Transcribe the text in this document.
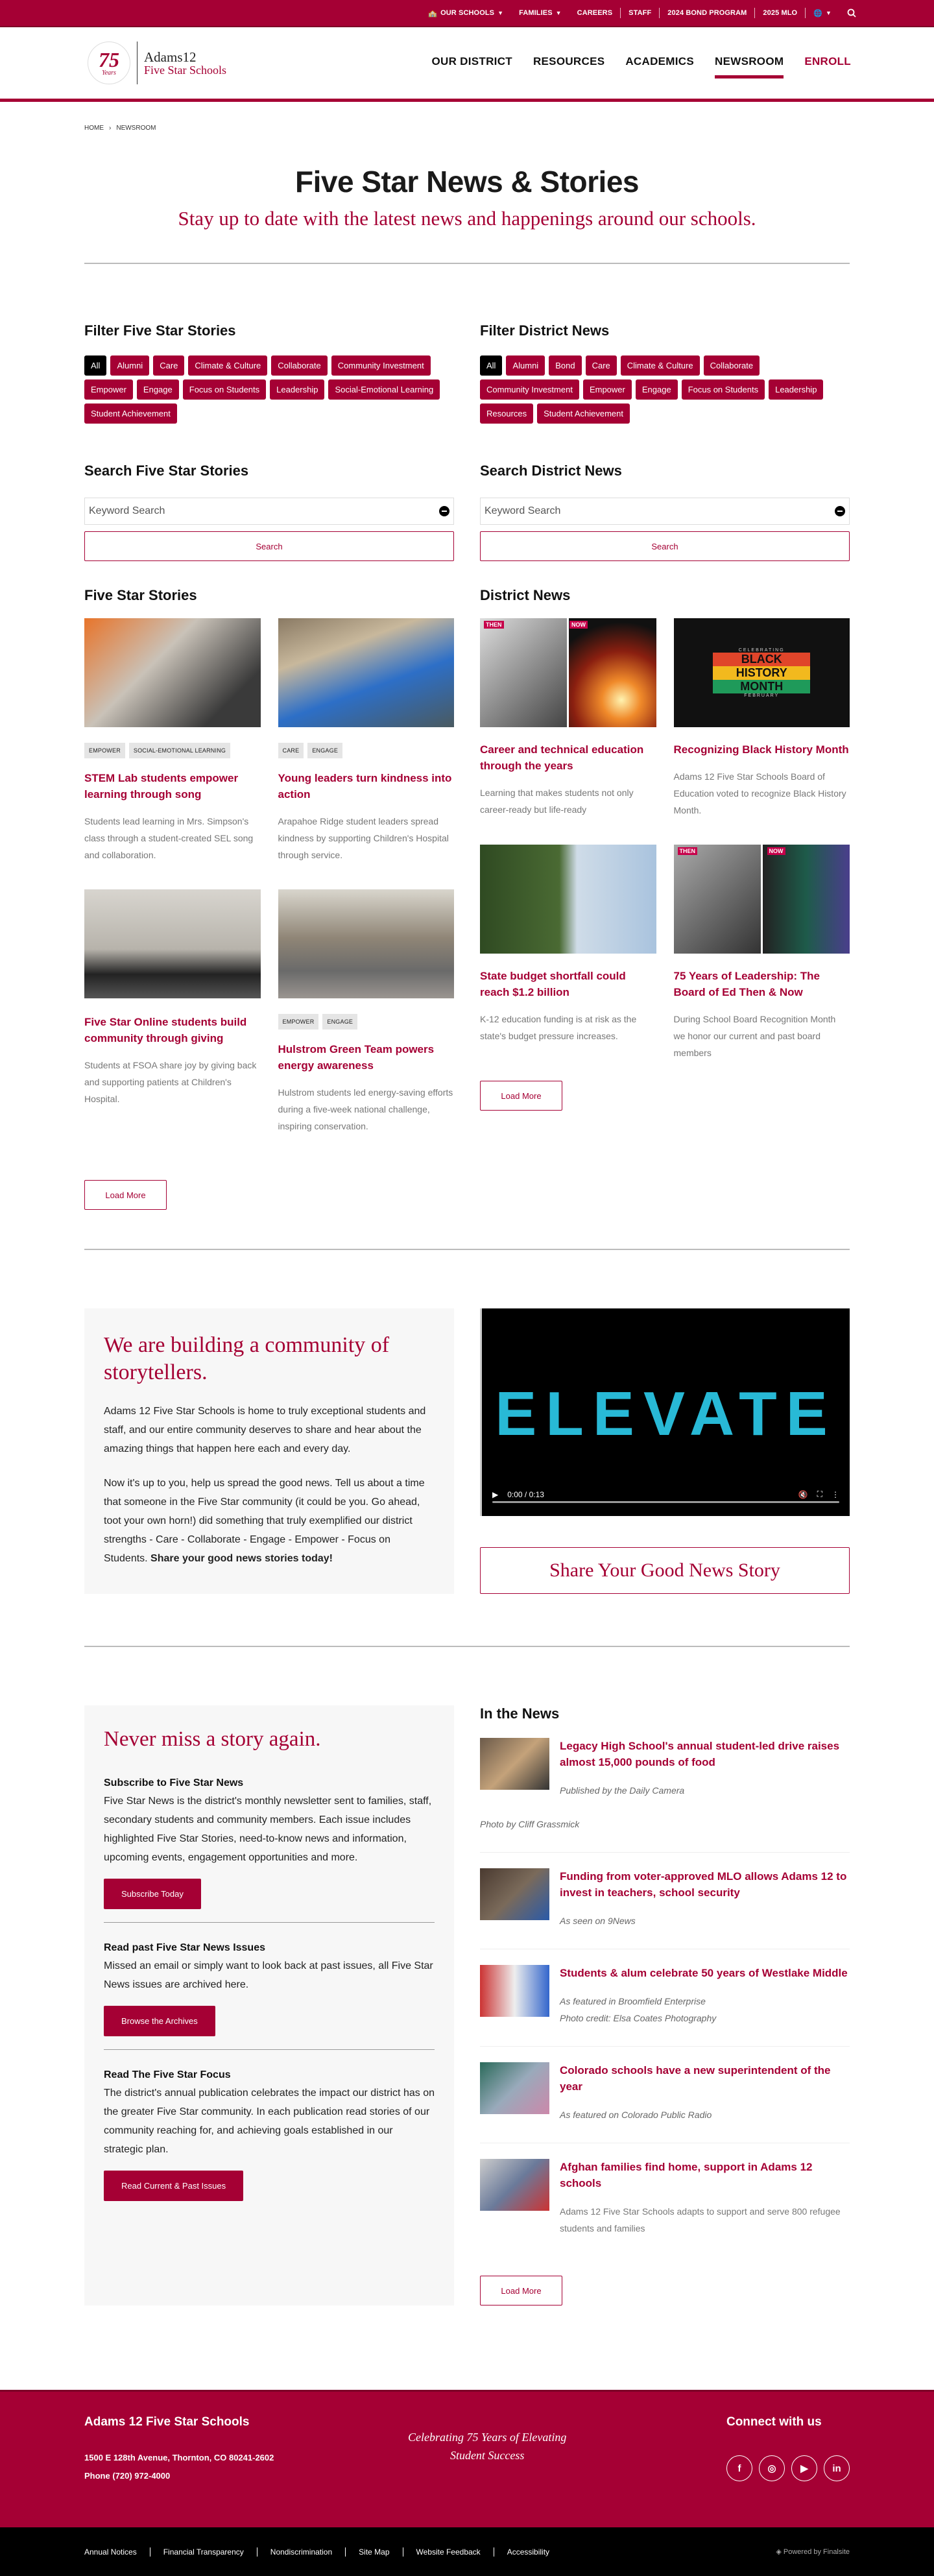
🏫 OUR SCHOOLS ▼ FAMILIES ▼	CAREERS	STAFF	2024 BOND PROGRAM	2025 MLO	🌐 ▼
75
Years
Adams12
Five Star Schools
OUR DISTRICT RESOURCES ACADEMICS NEWSROOM ENROLL
HOME › NEWSROOM
Five Star News & Stories

Stay up to date with the latest news and happenings around our schools.

Filter Five Star Stories
All	Alumni	Care	Climate & Culture	Collaborate	Community Investment
Empower	Engage	Focus on Students	Leadership	Social-Emotional Learning
Student Achievement
Search Five Star Stories
Keyword Search
Search
Filter District News
All	Alumni	Bond	Care	Climate & Culture	Collaborate
Community Investment	Empower	Engage	Focus on Students	Leadership
Resources	Student Achievement
Search District News
Keyword Search
Search
Five Star Stories
EMPOWER	SOCIAL-EMOTIONAL LEARNING
STEM Lab students empower learning through song

Students lead learning in Mrs. Simpson's class through a student-created SEL song and collaboration.

CARE	ENGAGE
Young leaders turn kindness into action

Arapahoe Ridge student leaders spread kindness by supporting Children's Hospital through service.

Five Star Online students build community through giving

Students at FSOA share joy by giving back and supporting patients at Children's Hospital.

EMPOWER	ENGAGE
Hulstrom Green Team powers energy awareness

Hulstrom students led energy-saving efforts during a five-week national challenge, inspiring conservation.

Load More
District News
THEN	NOW
Career and technical education through the years

Learning that makes students not only career-ready but life-ready

CELEBRATING
BLACK
HISTORY
MONTH
FEBRUARY
Recognizing Black History Month

Adams 12 Five Star Schools Board of Education voted to recognize Black History Month.

State budget shortfall could reach $1.2 billion

K-12 education funding is at risk as the state's budget pressure increases.

THEN	NOW
75 Years of Leadership: The Board of Ed Then & Now

During School Board Recognition Month we honor our current and past board members

Load More
We are building a community of storytellers.

Adams 12 Five Star Schools is home to truly exceptional students and staff, and our entire community deserves to share and hear about the amazing things that happen here each and every day.

Now it's up to you, help us spread the good news. Tell us about a time that someone in the Five Star community (it could be you. Go ahead, toot your own horn!) did something that truly exemplified our district strengths - Care - Collaborate - Engage - Empower - Focus on Students. Share your good news stories today!

ELEVATE
▶ 0:00 / 0:13	🔇 ⛶ ⋮
Share Your Good News Story
Never miss a story again.
Subscribe to Five Star News

Five Star News is the district's monthly newsletter sent to families, staff, secondary students and community members. Each issue includes highlighted Five Star Stories, need-to-know news and information, upcoming events, engagement opportunities and more.

Subscribe Today
Read past Five Star News Issues

Missed an email or simply want to look back at past issues, all Five Star News issues are archived here.

Browse the Archives
Read The Five Star Focus

The district's annual publication celebrates the impact our district has on the greater Five Star community. In each publication read stories of our community reaching for, and achieving goals established in our strategic plan.

Read Current & Past Issues
In the News
Legacy High School's annual student-led drive raises almost 15,000 pounds of food
Published by the Daily Camera
Photo by Cliff Grassmick
Funding from voter-approved MLO allows Adams 12 to invest in teachers, school security
As seen on 9News
Students & alum celebrate 50 years of Westlake Middle
As featured in Broomfield Enterprise
Photo credit: Elsa Coates Photography
Colorado schools have a new superintendent of the year
As featured on Colorado Public Radio
Afghan families find home, support in Adams 12 schools
Adams 12 Five Star Schools adapts to support and serve 800 refugee students and families
Load More
Adams 12 Five Star Schools
1500 E 128th Avenue, Thornton, CO 80241-2602
Phone (720) 972-4000
Celebrating 75 Years of Elevating
Student Success
Connect with us
f	◎	▶	in
Annual Notices	Financial Transparency	Nondiscrimination	Site Map	Website Feedback	Accessibility	◈ Powered by Finalsite
